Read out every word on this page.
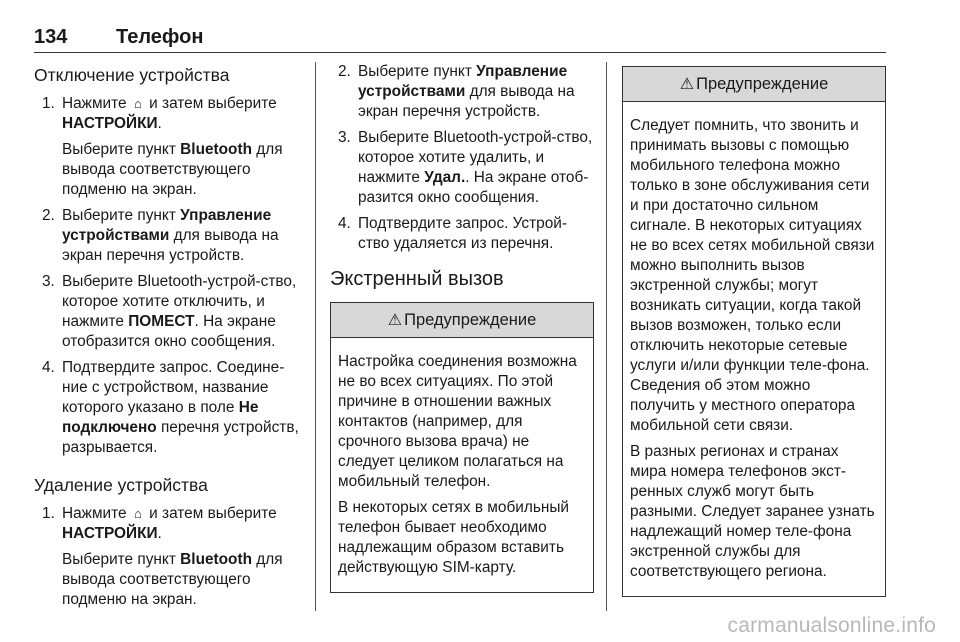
134 Телефон
Отключение устройства
1. Нажмите ⌂ и затем выберите НАСТРОЙКИ.
Выберите пункт Bluetooth для вывода соответствующего подменю на экран.
2. Выберите пункт Управление устройствами для вывода на экран перечня устройств.
3. Выберите Bluetooth-устрой-ство, которое хотите отключить, и нажмите ПОМЕСТ. На экране отобразится окно сообщения.
4. Подтвердите запрос. Соедине-ние с устройством, название которого указано в поле Не подключено перечня устройств, разрывается.
Удаление устройства
1. Нажмите ⌂ и затем выберите НАСТРОЙКИ.
Выберите пункт Bluetooth для вывода соответствующего подменю на экран.
2. Выберите пункт Управление устройствами для вывода на экран перечня устройств.
3. Выберите Bluetooth-устрой-ство, которое хотите удалить, и нажмите Удал.. На экране отоб-разится окно сообщения.
4. Подтвердите запрос. Устрой-ство удаляется из перечня.
Экстренный вызов
⚠ Предупреждение

Настройка соединения возможна не во всех ситуациях. По этой причине в отношении важных контактов (например, для срочного вызова врача) не следует целиком полагаться на мобильный телефон.

В некоторых сетях в мобильный телефон бывает необходимо надлежащим образом вставить действующую SIM-карту.

⚠ Предупреждение

Следует помнить, что звонить и принимать вызовы с помощью мобильного телефона можно только в зоне обслуживания сети и при достаточно сильном сигнале. В некоторых ситуациях не во всех сетях мобильной связи можно выполнить вызов экстренной службы; могут возникать ситуации, когда такой вызов возможен, только если отключить некоторые сетевые услуги и/или функции теле-фона. Сведения об этом можно получить у местного оператора мобильной сети связи.

В разных регионах и странах мира номера телефонов экст-ренных служб могут быть разными. Следует заранее узнать надлежащий номер теле-фона экстренной службы для соответствующего региона.

carmanualsonline.info
